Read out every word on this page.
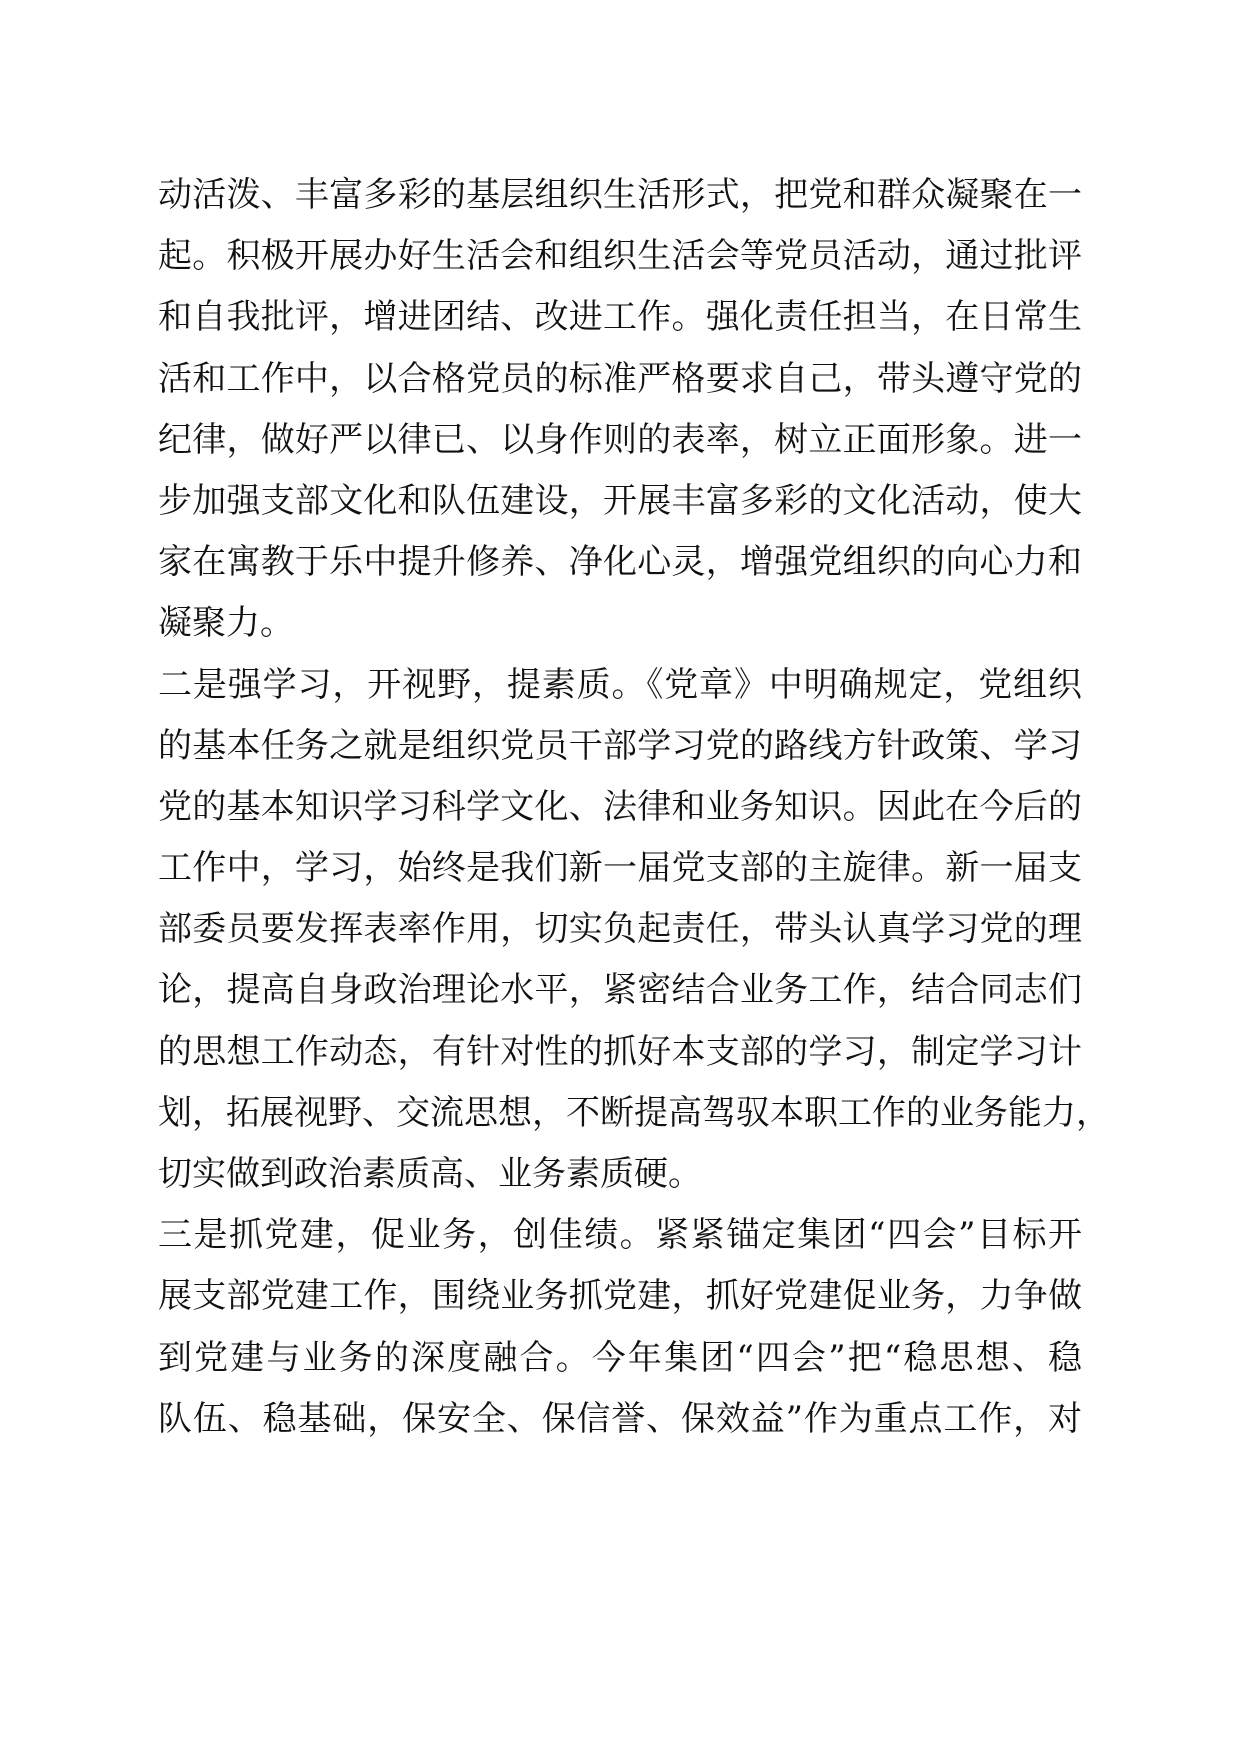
动活泼、丰富多彩的基层组织生活形式，把党和群众凝聚在一
起。积极开展办好生活会和组织生活会等党员活动，通过批评
和自我批评，增进团结、改进工作。强化责任担当，在日常生
活和工作中，以合格党员的标准严格要求自己，带头遵守党的
纪律，做好严以律已、以身作则的表率，树立正面形象。进一
步加强支部文化和队伍建设，开展丰富多彩的文化活动，使大
家在寓教于乐中提升修养、净化心灵，增强党组织的向心力和
凝聚力。
二是强学习，开视野，提素质。《党章》中明确规定，党组织
的基本任务之就是组织党员干部学习党的路线方针政策、学习
党的基本知识学习科学文化、法律和业务知识。因此在今后的
工作中，学习，始终是我们新一届党支部的主旋律。新一届支
部委员要发挥表率作用，切实负起责任，带头认真学习党的理
论，提高自身政治理论水平，紧密结合业务工作，结合同志们
的思想工作动态，有针对性的抓好本支部的学习，制定学习计
划，拓展视野、交流思想，不断提高驾驭本职工作的业务能力，
切实做到政治素质高、业务素质硬。
三是抓党建，促业务，创佳绩。紧紧锚定集团“四会”目标开
展支部党建工作，围绕业务抓党建，抓好党建促业务，力争做
到党建与业务的深度融合。今年集团“四会”把“稳思想、稳
队伍、稳基础，保安全、保信誉、保效益”作为重点工作，对
